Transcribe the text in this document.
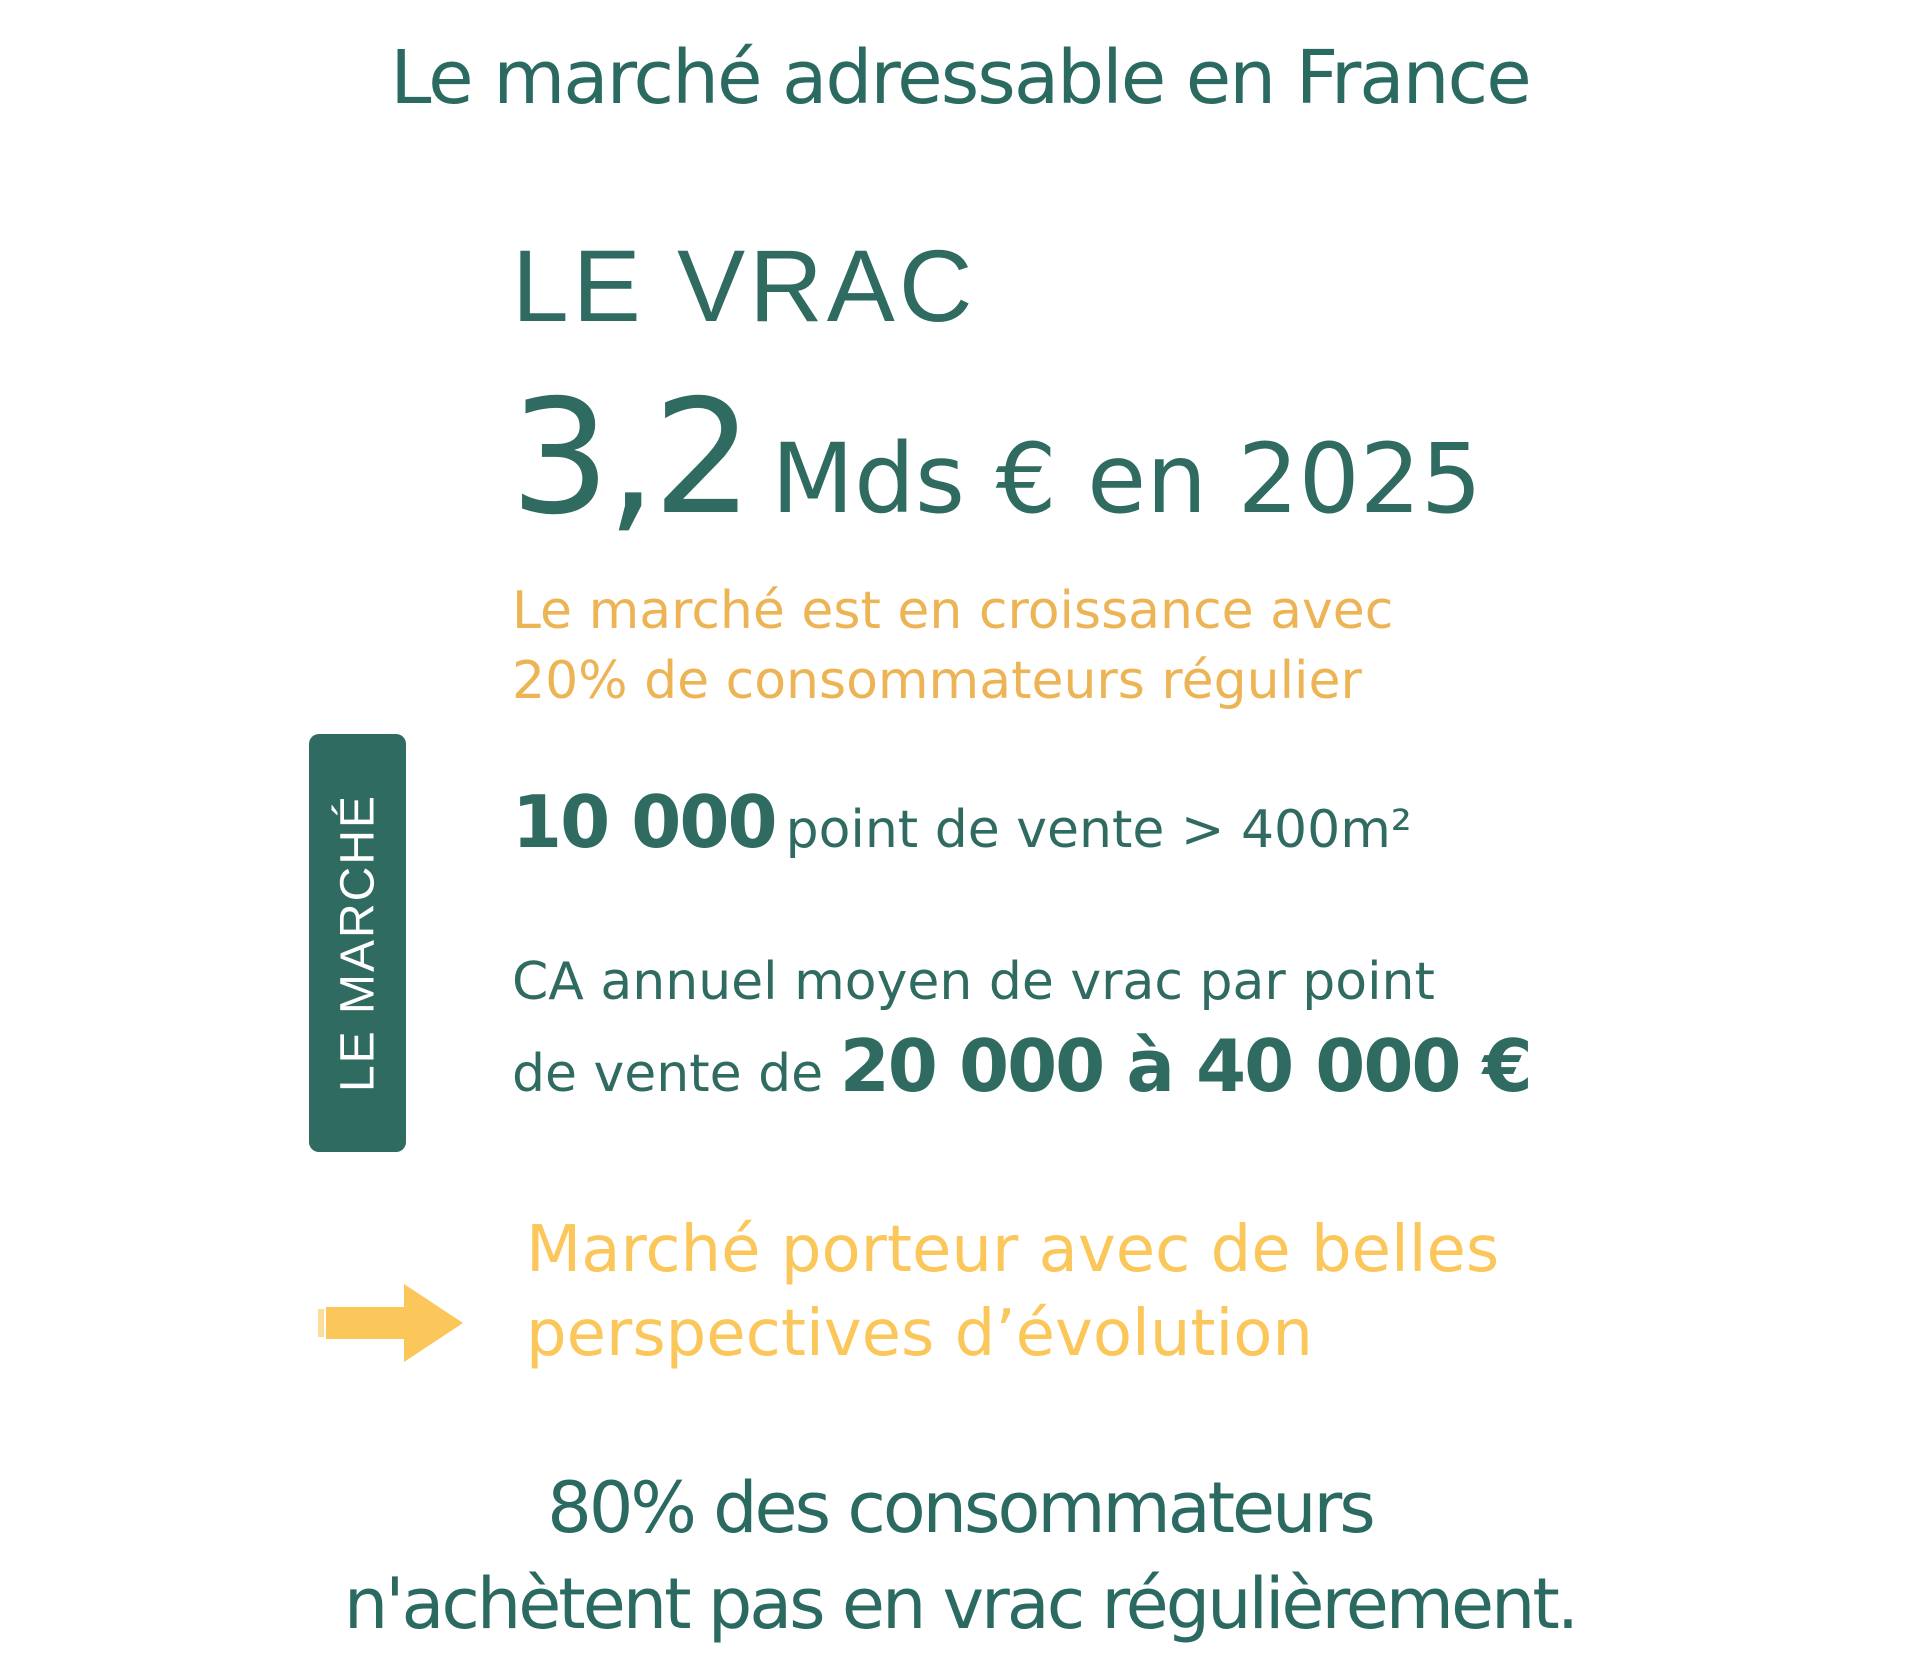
Le marché adressable en France
LE VRAC
3,2 Mds € en 2025
Le marché est en croissance avec
20% de consommateurs régulier
10 000 point de vente > 400m²
CA annuel moyen de vrac par point
de vente de 20 000 à 40 000 €
LE MARCHÉ
Marché porteur avec de belles
perspectives d’évolution
80% des consommateurs
n'achètent pas en vrac régulièrement.
